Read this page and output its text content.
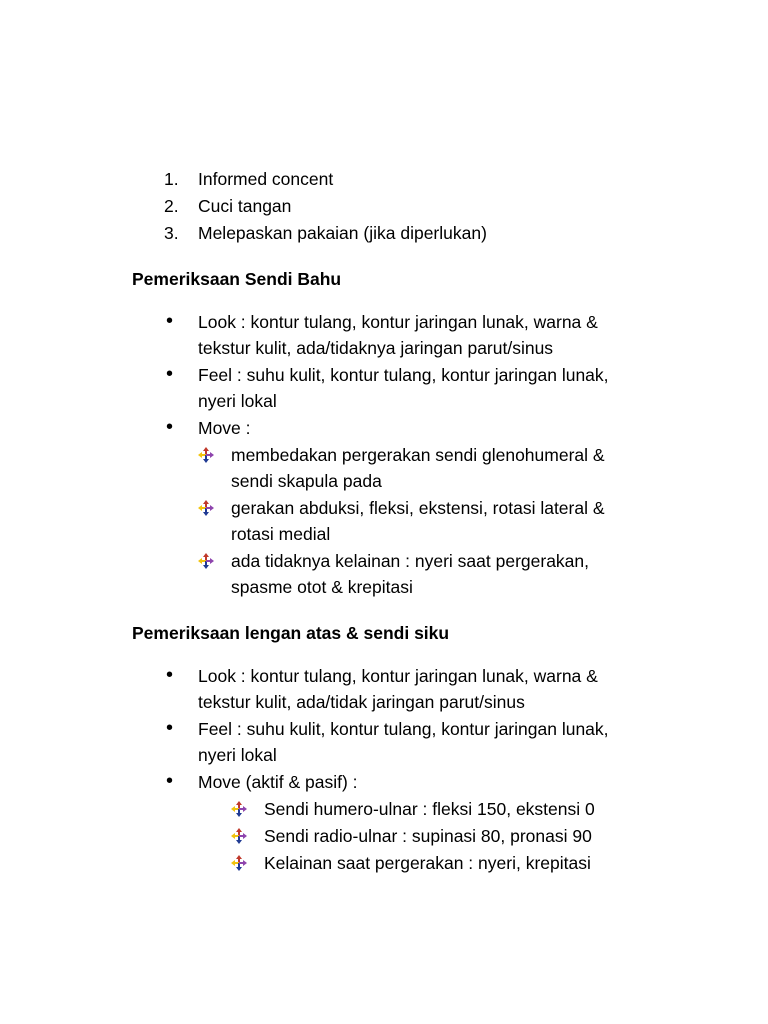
1. Informed concent
2. Cuci tangan
3. Melepaskan pakaian (jika diperlukan)
Pemeriksaan Sendi Bahu
• Look : kontur tulang, kontur jaringan lunak, warna &
tekstur kulit, ada/tidaknya jaringan parut/sinus
• Feel : suhu kulit, kontur tulang, kontur jaringan lunak,
nyeri lokal
• Move :
membedakan pergerakan sendi glenohumeral &
sendi skapula pada
gerakan abduksi, fleksi, ekstensi, rotasi lateral &
rotasi medial
ada tidaknya kelainan : nyeri saat pergerakan,
spasme otot & krepitasi
Pemeriksaan lengan atas & sendi siku
• Look : kontur tulang, kontur jaringan lunak, warna &
tekstur kulit, ada/tidak jaringan parut/sinus
• Feel : suhu kulit, kontur tulang, kontur jaringan lunak,
nyeri lokal
• Move (aktif & pasif) :
Sendi humero-ulnar : fleksi 150, ekstensi 0
Sendi radio-ulnar : supinasi 80, pronasi 90
Kelainan saat pergerakan : nyeri, krepitasi
